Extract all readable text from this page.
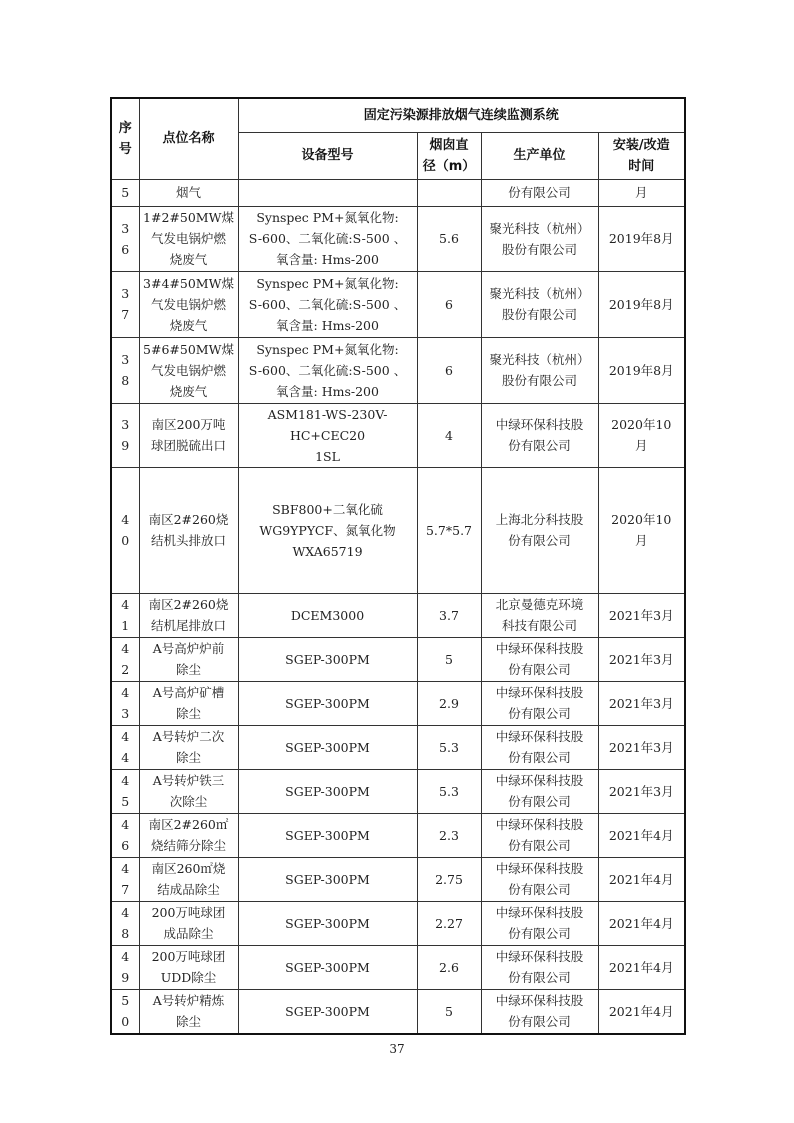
序
号	点位名称	固定污染源排放烟气连续监测系统			
		设备型号	烟囱直
径（m）	生产单位	安装/改造
时间
5	烟气			份有限公司	月
3
6	1#2#50MW煤
气发电锅炉燃
烧废气	Synspec PM+氮氧化物:
S-600、二氧化硫:S-500 、
氧含量: Hms-200	5.6	聚光科技（杭州）
股份有限公司	2019年8月
3
7	3#4#50MW煤
气发电锅炉燃
烧废气	Synspec PM+氮氧化物:
S-600、二氧化硫:S-500 、
氧含量: Hms-200	6	聚光科技（杭州）
股份有限公司	2019年8月
3
8	5#6#50MW煤
气发电锅炉燃
烧废气	Synspec PM+氮氧化物:
S-600、二氧化硫:S-500 、
氧含量: Hms-200	6	聚光科技（杭州）
股份有限公司	2019年8月
3
9	南区200万吨
球团脱硫出口	ASM181-WS-230V-HC+CEC20
1SL	4	中绿环保科技股
份有限公司	2020年10
月
4
0	南区2#260烧
结机头排放口	SBF800+二氧化硫
WG9YPYCF、氮氧化物
WXA65719	5.7*5.7	上海北分科技股
份有限公司	2020年10
月
4
1	南区2#260烧
结机尾排放口	DCEM3000	3.7	北京曼德克环境
科技有限公司	2021年3月
4
2	A号高炉炉前
除尘	SGEP-300PM	5	中绿环保科技股
份有限公司	2021年3月
4
3	A号高炉矿槽
除尘	SGEP-300PM	2.9	中绿环保科技股
份有限公司	2021年3月
4
4	A号转炉二次
除尘	SGEP-300PM	5.3	中绿环保科技股
份有限公司	2021年3月
4
5	A号转炉铁三
次除尘	SGEP-300PM	5.3	中绿环保科技股
份有限公司	2021年3月
4
6	南区2#260㎡
烧结筛分除尘	SGEP-300PM	2.3	中绿环保科技股
份有限公司	2021年4月
4
7	南区260㎡烧
结成品除尘	SGEP-300PM	2.75	中绿环保科技股
份有限公司	2021年4月
4
8	200万吨球团
成品除尘	SGEP-300PM	2.27	中绿环保科技股
份有限公司	2021年4月
4
9	200万吨球团
UDD除尘	SGEP-300PM	2.6	中绿环保科技股
份有限公司	2021年4月
5
0	A号转炉精炼
除尘	SGEP-300PM	5	中绿环保科技股
份有限公司	2021年4月
37
